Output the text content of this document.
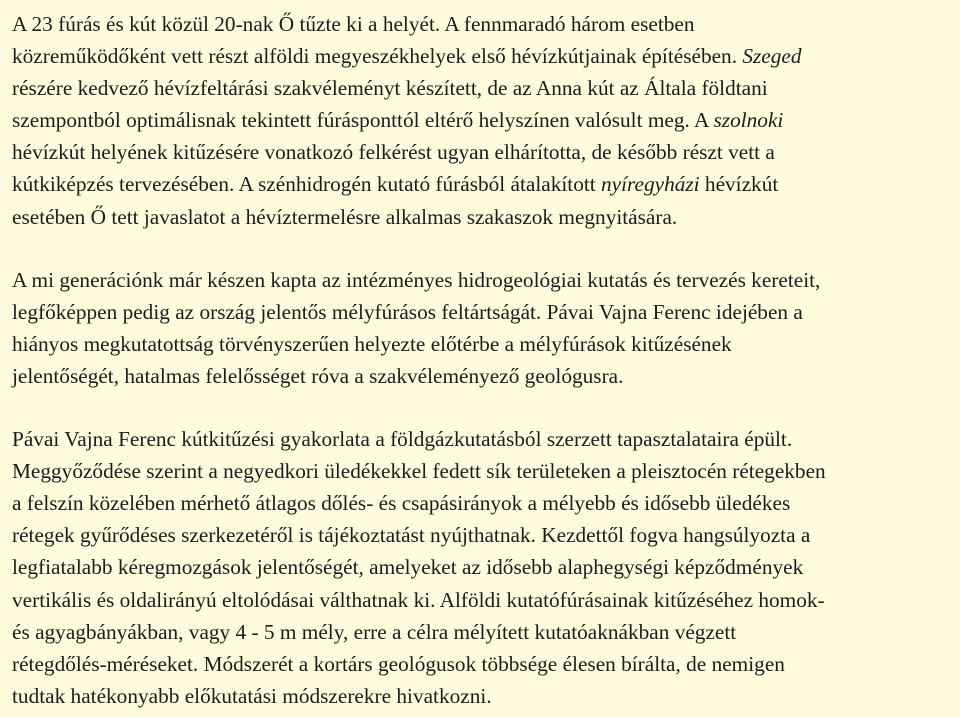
A 23 fúrás és kút közül 20-nak Ő tűzte ki a helyét. A fennmaradó három esetben
közreműködőként vett részt alföldi megyeszékhelyek első hévízkútjainak építésében. Szeged
részére kedvező hévízfeltárási szakvéleményt készített, de az Anna kút az Általa földtani
szempontból optimálisnak tekintett fúrásponttól eltérő helyszínen valósult meg. A szolnoki
hévízkút helyének kitűzésére vonatkozó felkérést ugyan elhárította, de később részt vett a
kútkiképzés tervezésében. A szénhidrogén kutató fúrásból átalakított nyíregyházi hévízkút
esetében Ő tett javaslatot a hévíztermelésre alkalmas szakaszok megnyitására.

A mi generációnk már készen kapta az intézményes hidrogeológiai kutatás és tervezés kereteit,
legfőképpen pedig az ország jelentős mélyfúrásos feltártságát. Pávai Vajna Ferenc idejében a
hiányos megkutatottság törvényszerűen helyezte előtérbe a mélyfúrások kitűzésének
jelentőségét, hatalmas felelősséget róva a szakvéleményező geológusra.

Pávai Vajna Ferenc kútkitűzési gyakorlata a földgázkutatásból szerzett tapasztalataira épült.
Meggyőződése szerint a negyedkori üledékekkel fedett sík területeken a pleisztocén rétegekben
a felszín közelében mérhető átlagos dőlés- és csapásirányok a mélyebb és idősebb üledékes
rétegek gyűrődéses szerkezetéről is tájékoztatást nyújthatnak. Kezdettől fogva hangsúlyozta a
legfiatalabb kéregmozgások jelentőségét, amelyeket az idősebb alaphegységi képződmények
vertikális és oldalirányú eltolódásai válthatnak ki. Alföldi kutatófúrásainak kitűzéséhez homok-
és agyagbányákban, vagy 4 - 5 m mély, erre a célra mélyített kutatóaknákban végzett
rétegdőlés-méréseket. Módszerét a kortárs geológusok többsége élesen bírálta, de nemigen
tudtak hatékonyabb előkutatási módszerekre hivatkozni.
